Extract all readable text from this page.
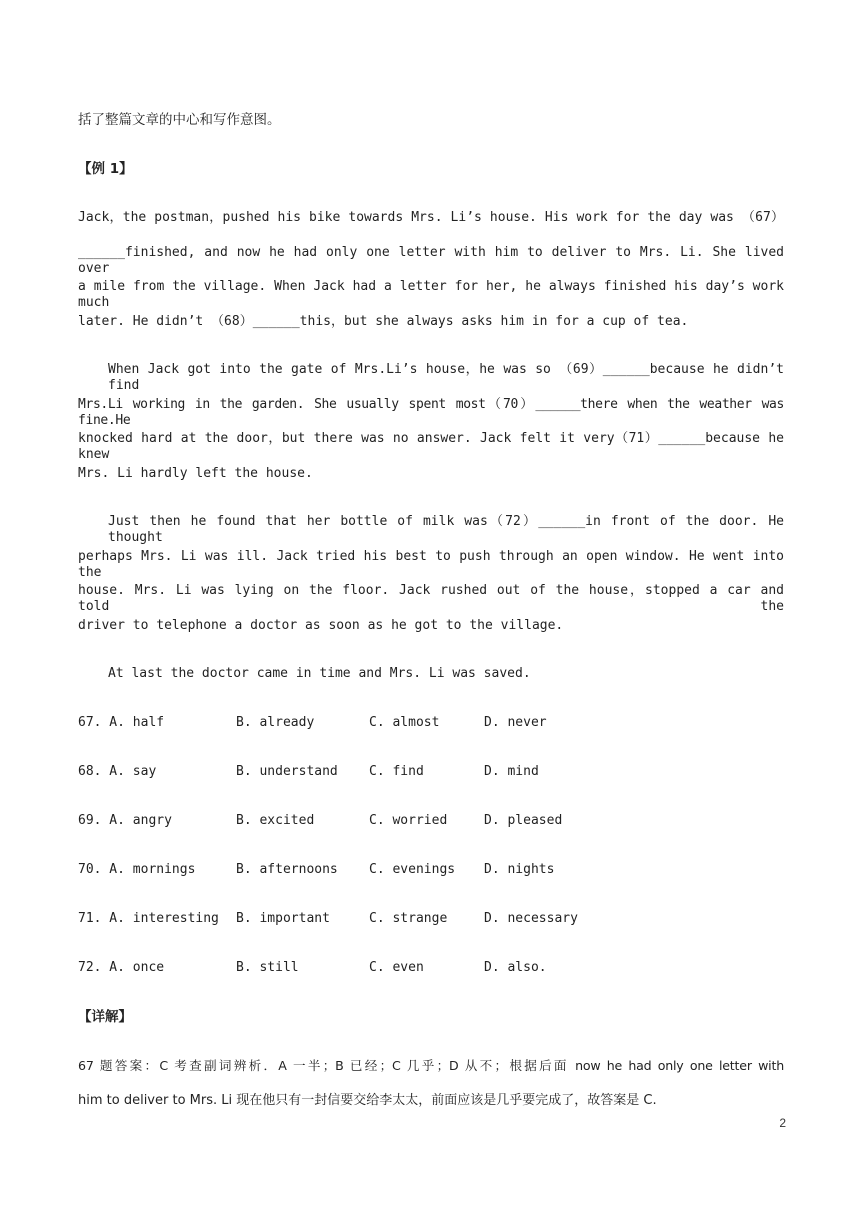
括了整篇文章的中心和写作意图。
【例 1】
Jack，the postman，pushed his bike towards Mrs. Li’s house. His work for the day was （67）
______finished, and now he had only one letter with him to deliver to Mrs. Li. She lived over
a mile from the village. When Jack had a letter for her, he always finished his day’s work much
later. He didn’t （68）______this，but she always asks him in for a cup of tea.
When Jack got into the gate of Mrs.Li’s house，he was so （69）______because he didn’t find
Mrs.Li working in the garden. She usually spent most（70）______there when the weather was fine.He
knocked hard at the door，but there was no answer. Jack felt it very（71）______because he knew
Mrs. Li hardly left the house.
Just then he found that her bottle of milk was（72）______in front of the door. He thought
perhaps Mrs. Li was ill. Jack tried his best to push through an open window. He went into the
house. Mrs. Li was lying on the floor. Jack rushed out of the house，stopped a car and told the
driver to telephone a doctor as soon as he got to the village.
At last the doctor came in time and Mrs. Li was saved.
67. A. half	B. already	C. almost	D. never
68. A. say	B. understand C. find	D. mind
69. A. angry	B. excited	C. worried	D. pleased
70. A. mornings	B. afternoons C. evenings D. nights
71. A. interesting B. important	C. strange	D. necessary
72. A. once	B. still	C. even	D. also.
【详解】
67 题答案：C 考查副词辨析．A 一半；B 已经；C 几乎；D 从不；根据后面 now he had only one letter with
him to deliver to Mrs. Li 现在他只有一封信要交给李太太，前面应该是几乎要完成了，故答案是 C.
2
